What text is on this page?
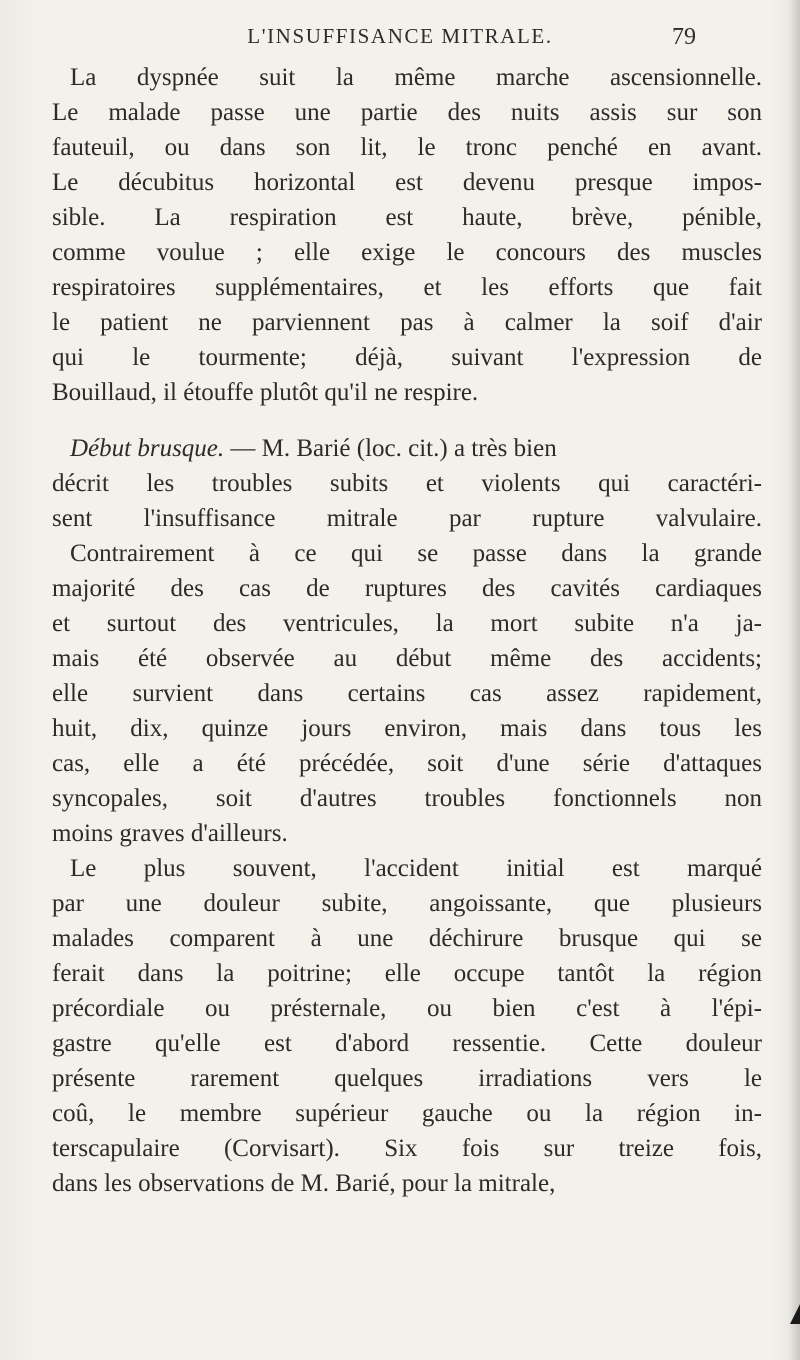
L'INSUFFISANCE MITRALE.	79
La dyspnée suit la même marche ascensionnelle.
Le malade passe une partie des nuits assis sur son
fauteuil, ou dans son lit, le tronc penché en avant.
Le décubitus horizontal est devenu presque impos-
sible. La respiration est haute, brève, pénible,
comme voulue ; elle exige le concours des muscles
respiratoires supplémentaires, et les efforts que fait
le patient ne parviennent pas à calmer la soif d'air
qui le tourmente; déjà, suivant l'expression de
Bouillaud, il étouffe plutôt qu'il ne respire.
Début brusque. — M. Barié (loc. cit.) a très bien
décrit les troubles subits et violents qui caractéri-
sent l'insuffisance mitrale par rupture valvulaire.
Contrairement à ce qui se passe dans la grande
majorité des cas de ruptures des cavités cardiaques
et surtout des ventricules, la mort subite n'a ja-
mais été observée au début même des accidents;
elle survient dans certains cas assez rapidement,
huit, dix, quinze jours environ, mais dans tous les
cas, elle a été précédée, soit d'une série d'attaques
syncopales, soit d'autres troubles fonctionnels non
moins graves d'ailleurs.
Le plus souvent, l'accident initial est marqué
par une douleur subite, angoissante, que plusieurs
malades comparent à une déchirure brusque qui se
ferait dans la poitrine; elle occupe tantôt la région
précordiale ou présternale, ou bien c'est à l'épi-
gastre qu'elle est d'abord ressentie. Cette douleur
présente rarement quelques irradiations vers le
coû, le membre supérieur gauche ou la région in-
terscapulaire (Corvisart). Six fois sur treize fois,
dans les observations de M. Barié, pour la mitrale,
